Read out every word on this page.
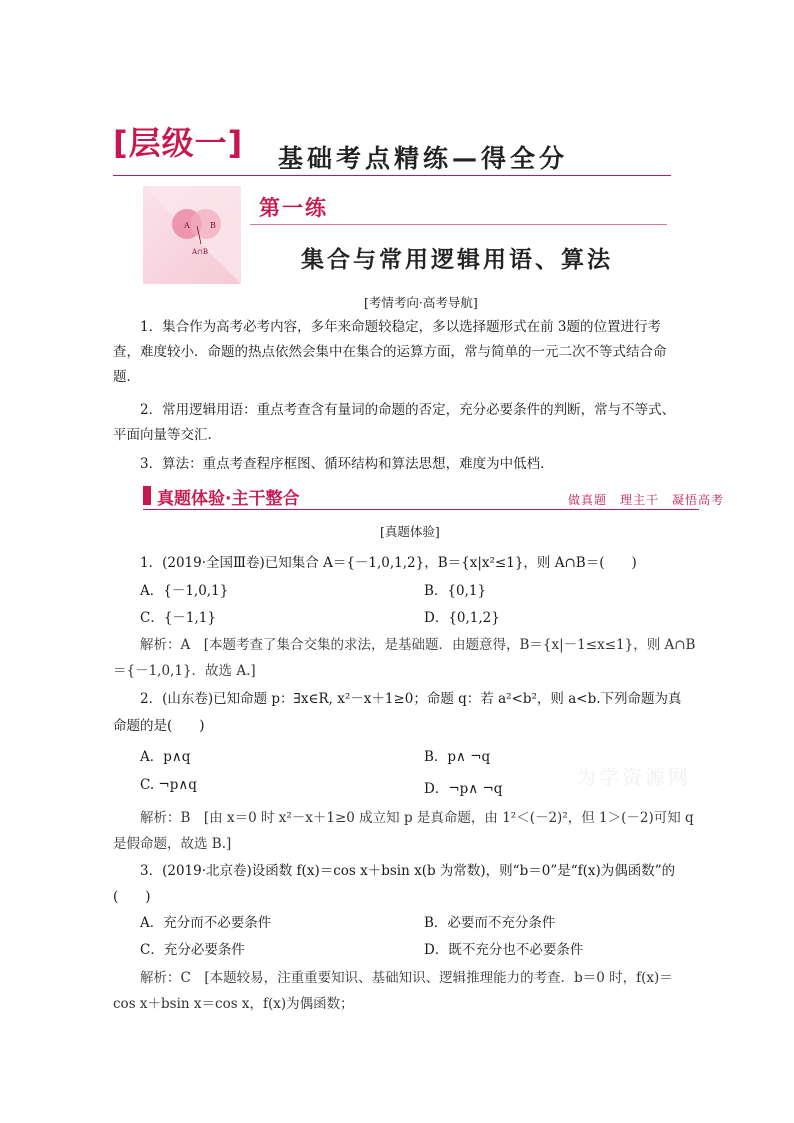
[层级一] 基础考点精练—得全分
A	B
A∩B
第一练
集合与常用逻辑用语、算法
[考情考向·高考导航]
1．集合作为高考必考内容，多年来命题较稳定，多以选择题形式在前 3题的位置进行考查，难度较小．命题的热点依然会集中在集合的运算方面，常与简单的一元二次不等式结合命题．
2．常用逻辑用语：重点考查含有量词的命题的否定，充分必要条件的判断，常与不等式、平面向量等交汇．
3．算法：重点考查程序框图、循环结构和算法思想，难度为中低档．
真题体验·主干整合	做真题　理主干　凝悟高考
[真题体验]
1．(2019·全国Ⅲ卷)已知集合 A＝{－1,0,1,2}，B＝{x|x²≤1}，则 A∩B＝(　　)
A．{－1,0,1}	B．{0,1}
C．{－1,1}	D．{0,1,2}
解析：A　[本题考查了集合交集的求法，是基础题．由题意得，B＝{x|－1≤x≤1}，则 A∩B
＝{－1,0,1}．故选 A.]
2．(山东卷)已知命题 p：∃x∈R, x²－x＋1≥0；命题 q：若 a²<b²，则 a<b.下列命题为真
命题的是(　　)
A．p∧q	B．p∧ ¬q
C. ¬p∧q	D．¬p∧ ¬q	为学资源网
解析：B　[由 x＝0 时 x²－x＋1≥0 成立知 p 是真命题，由 1²＜(－2)²，但 1＞(－2)可知 q
是假命题，故选 B.]
3．(2019·北京卷)设函数 f(x)＝cos x＋bsin x(b 为常数)，则“b＝0”是“f(x)为偶函数”的
(　　)
A．充分而不必要条件	B．必要而不充分条件
C．充分必要条件	D．既不充分也不必要条件
解析：C　[本题较易，注重重要知识、基础知识、逻辑推理能力的考查．b＝0 时，f(x)＝
cos x＋bsin x＝cos x，f(x)为偶函数；
